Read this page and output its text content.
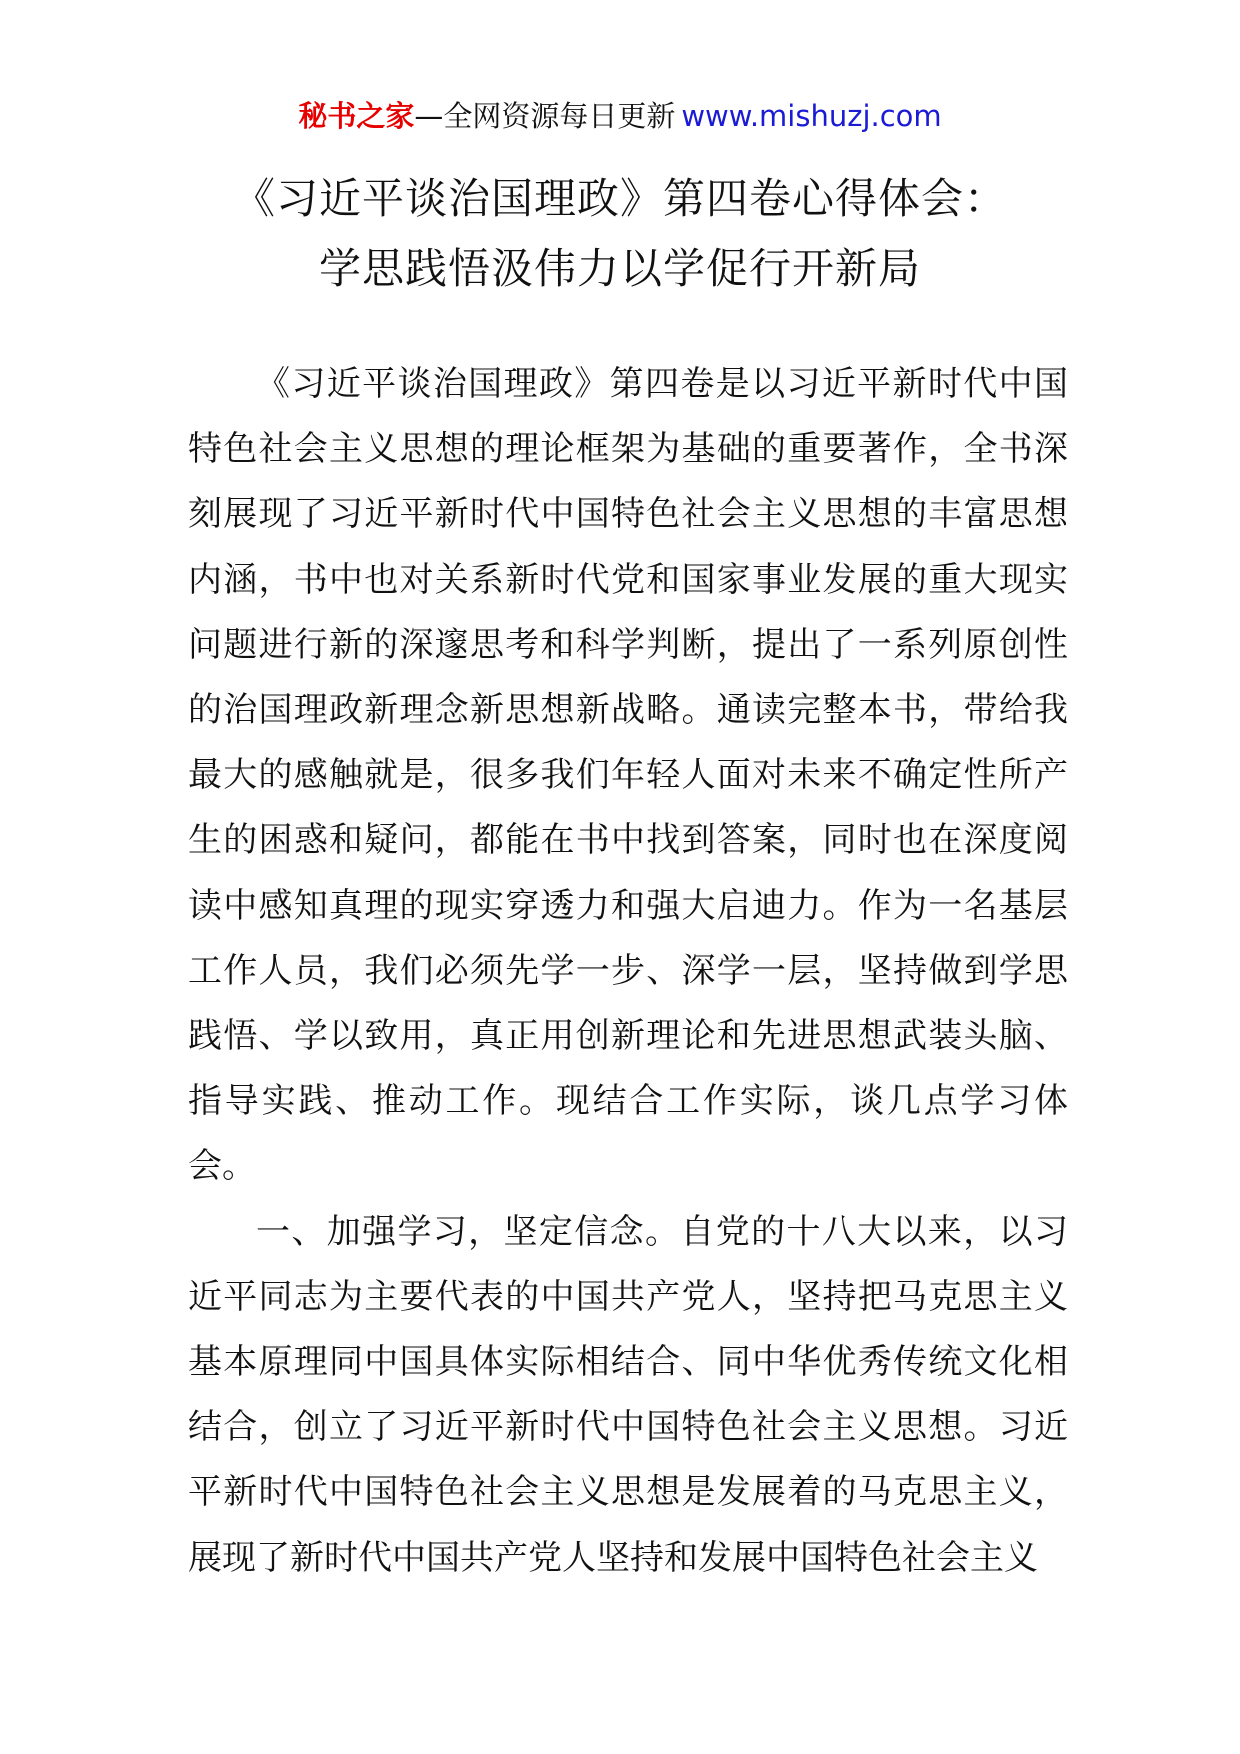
秘书之家—全网资源每日更新 www.mishuzj.com
《习近平谈治国理政》第四卷心得体会：
学思践悟汲伟力以学促行开新局

《习近平谈治国理政》第四卷是以习近平新时代中国特色社会主义思想的理论框架为基础的重要著作，全书深刻展现了习近平新时代中国特色社会主义思想的丰富思想内涵，书中也对关系新时代党和国家事业发展的重大现实问题进行新的深邃思考和科学判断，提出了一系列原创性的治国理政新理念新思想新战略。通读完整本书，带给我最大的感触就是，很多我们年轻人面对未来不确定性所产生的困惑和疑问，都能在书中找到答案，同时也在深度阅读中感知真理的现实穿透力和强大启迪力。作为一名基层工作人员，我们必须先学一步、深学一层，坚持做到学思践悟、学以致用，真正用创新理论和先进思想武装头脑、指导实践、推动工作。现结合工作实际，谈几点学习体会。

一、加强学习，坚定信念。自党的十八大以来，以习近平同志为主要代表的中国共产党人，坚持把马克思主义基本原理同中国具体实际相结合、同中华优秀传统文化相结合，创立了习近平新时代中国特色社会主义思想。习近平新时代中国特色社会主义思想是发展着的马克思主义，展现了新时代中国共产党人坚持和发展中国特色社会主义
